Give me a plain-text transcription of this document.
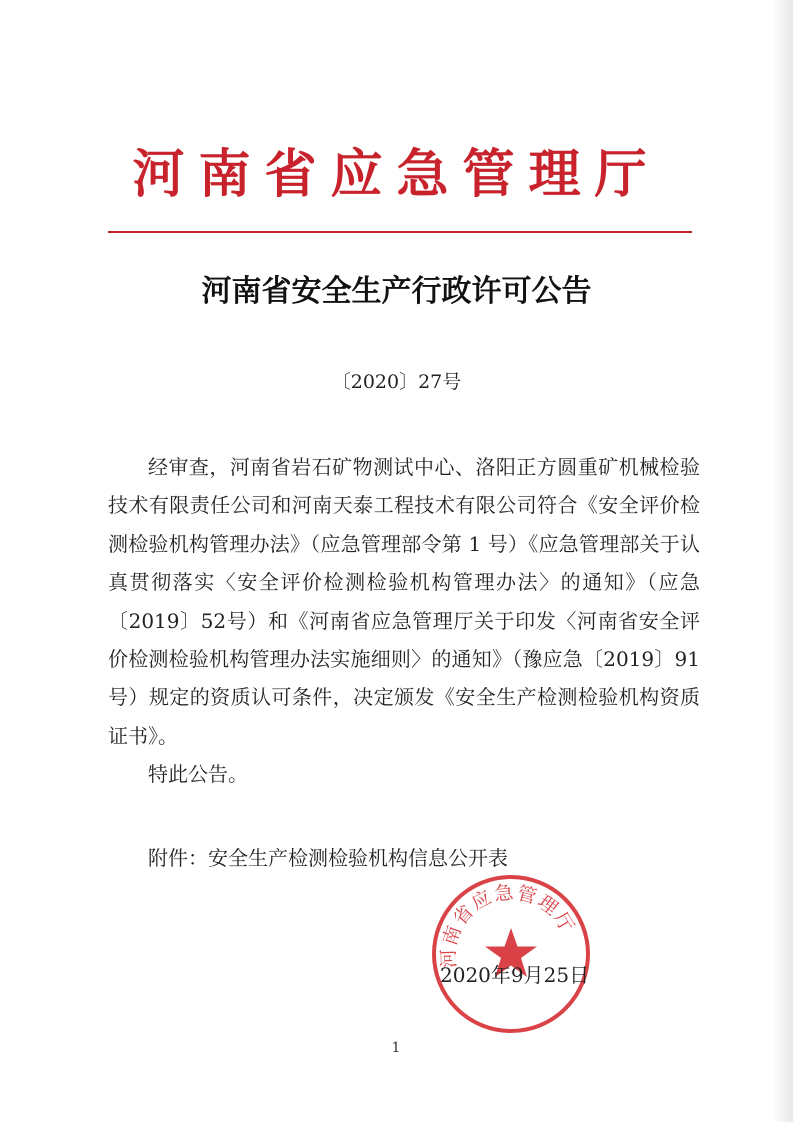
河南省应急管理厅
河南省安全生产行政许可公告
〔2020〕27号

经审查，河南省岩石矿物测试中心、洛阳正方圆重矿机械检验技术有限责任公司和河南天泰工程技术有限公司符合《安全评价检测检验机构管理办法》（应急管理部令第 1 号）《应急管理部关于认真贯彻落实〈安全评价检测检验机构管理办法〉的通知》（应急〔2019〕52号）和《河南省应急管理厅关于印发〈河南省安全评价检测检验机构管理办法实施细则〉的通知》（豫应急〔2019〕91号）规定的资质认可条件，决定颁发《安全生产检测检验机构资质证书》。

特此公告。
附件：安全生产检测检验机构信息公开表
河南省应急管理厅
2020年9月25日
1
